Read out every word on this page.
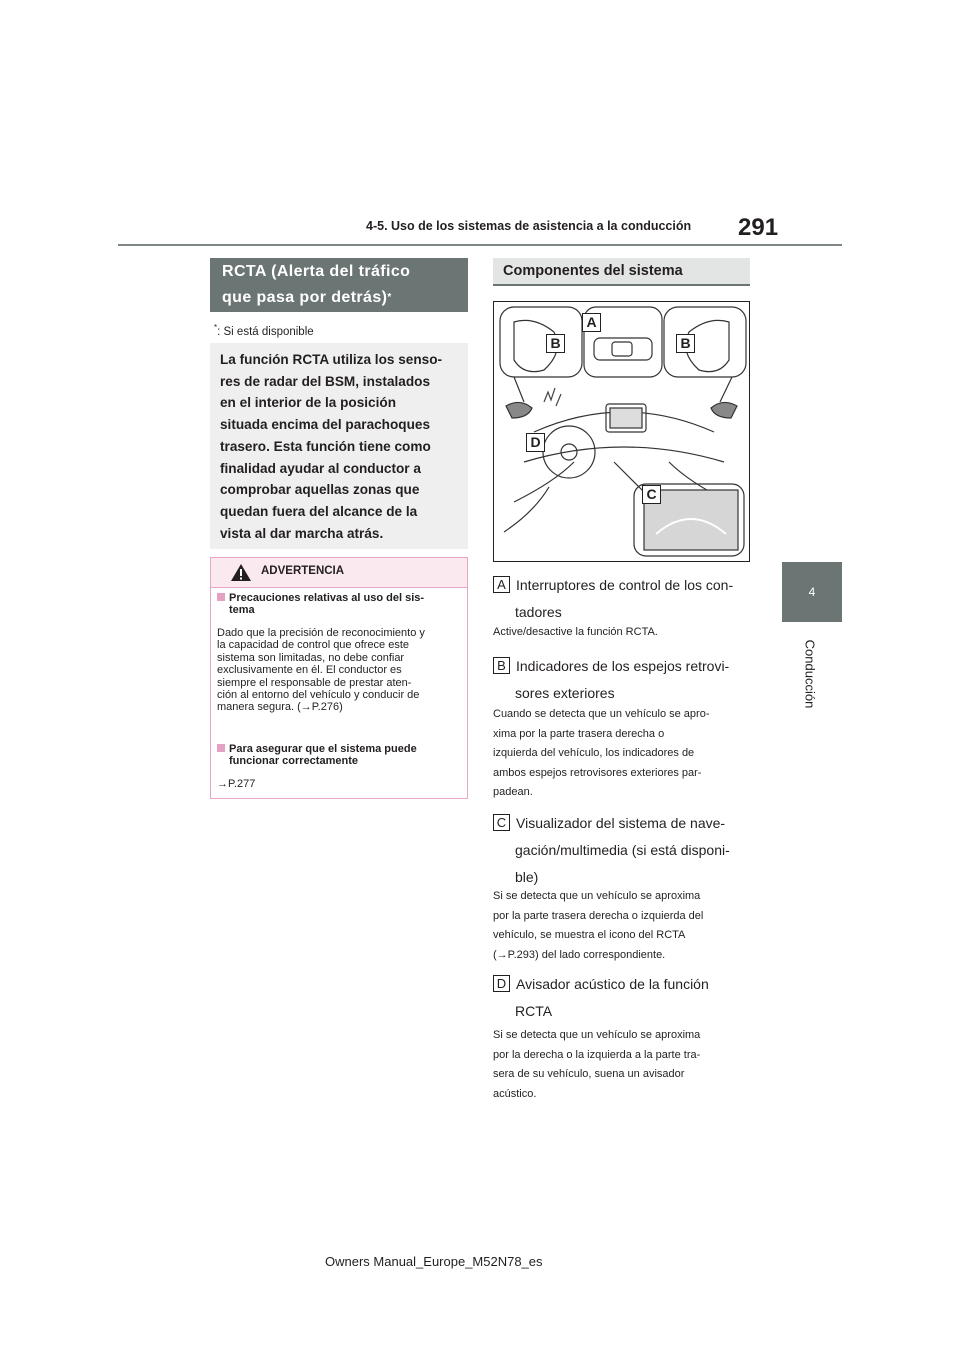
4-5. Uso de los sistemas de asistencia a la conducción 291
4
Conducción
RCTA (Alerta del tráfico
que pasa por detrás)*
*: Si está disponible
La función RCTA utiliza los senso-
res de radar del BSM, instalados
en el interior de la posición
situada encima del parachoques
trasero. Esta función tiene como
finalidad ayudar al conductor a
comprobar aquellas zonas que
quedan fuera del alcance de la
vista al dar marcha atrás.
ADVERTENCIA
Precauciones relativas al uso del sis-
tema
Dado que la precisión de reconocimiento y
la capacidad de control que ofrece este
sistema son limitadas, no debe confiar
exclusivamente en él. El conductor es
siempre el responsable de prestar aten-
ción al entorno del vehículo y conducir de
manera segura. (→P.276)
Para asegurar que el sistema puede
funcionar correctamente
→P.277
Componentes del sistema
A
B	B
C
D
A Interruptores de control de los con-
tadores
Active/desactive la función RCTA.
B Indicadores de los espejos retrovi-
sores exteriores
Cuando se detecta que un vehículo se apro-
xima por la parte trasera derecha o
izquierda del vehículo, los indicadores de
ambos espejos retrovisores exteriores par-
padean.
C Visualizador del sistema de nave-
gación/multimedia (si está disponi-
ble)
Si se detecta que un vehículo se aproxima
por la parte trasera derecha o izquierda del
vehículo, se muestra el icono del RCTA
(→P.293) del lado correspondiente.
D Avisador acústico de la función
RCTA
Si se detecta que un vehículo se aproxima
por la derecha o la izquierda a la parte tra-
sera de su vehículo, suena un avisador
acústico.
Owners Manual_Europe_M52N78_es
